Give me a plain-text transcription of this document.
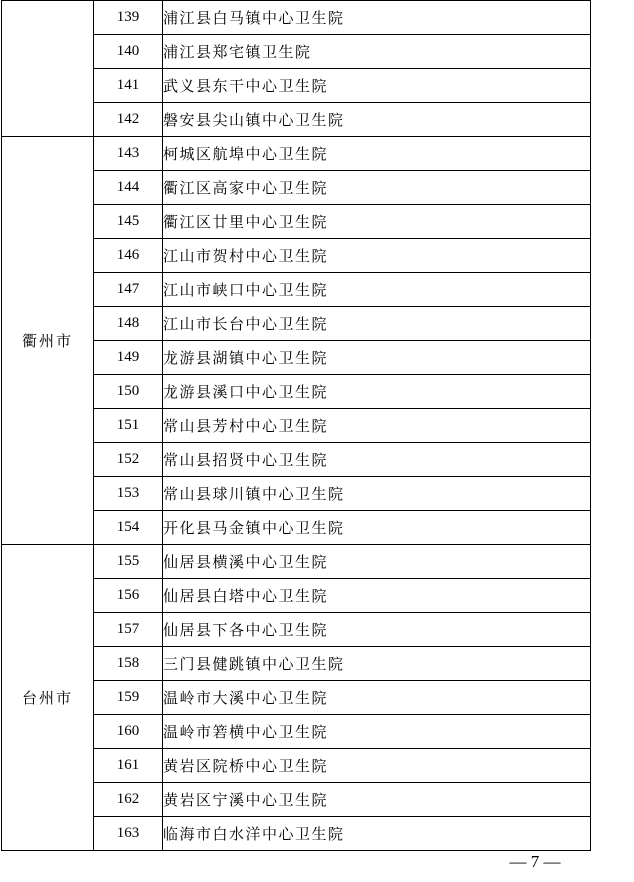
	139	浦江县白马镇中心卫生院
	140	浦江县郑宅镇卫生院
	141	武义县东干中心卫生院
	142	磐安县尖山镇中心卫生院
衢州市	143	柯城区航埠中心卫生院
	144	衢江区高家中心卫生院
	145	衢江区廿里中心卫生院
	146	江山市贺村中心卫生院
	147	江山市峡口中心卫生院
	148	江山市长台中心卫生院
	149	龙游县湖镇中心卫生院
	150	龙游县溪口中心卫生院
	151	常山县芳村中心卫生院
	152	常山县招贤中心卫生院
	153	常山县球川镇中心卫生院
	154	开化县马金镇中心卫生院
台州市	155	仙居县横溪中心卫生院
	156	仙居县白塔中心卫生院
	157	仙居县下各中心卫生院
	158	三门县健跳镇中心卫生院
	159	温岭市大溪中心卫生院
	160	温岭市箬横中心卫生院
	161	黄岩区院桥中心卫生院
	162	黄岩区宁溪中心卫生院
	163	临海市白水洋中心卫生院
— 7 —
